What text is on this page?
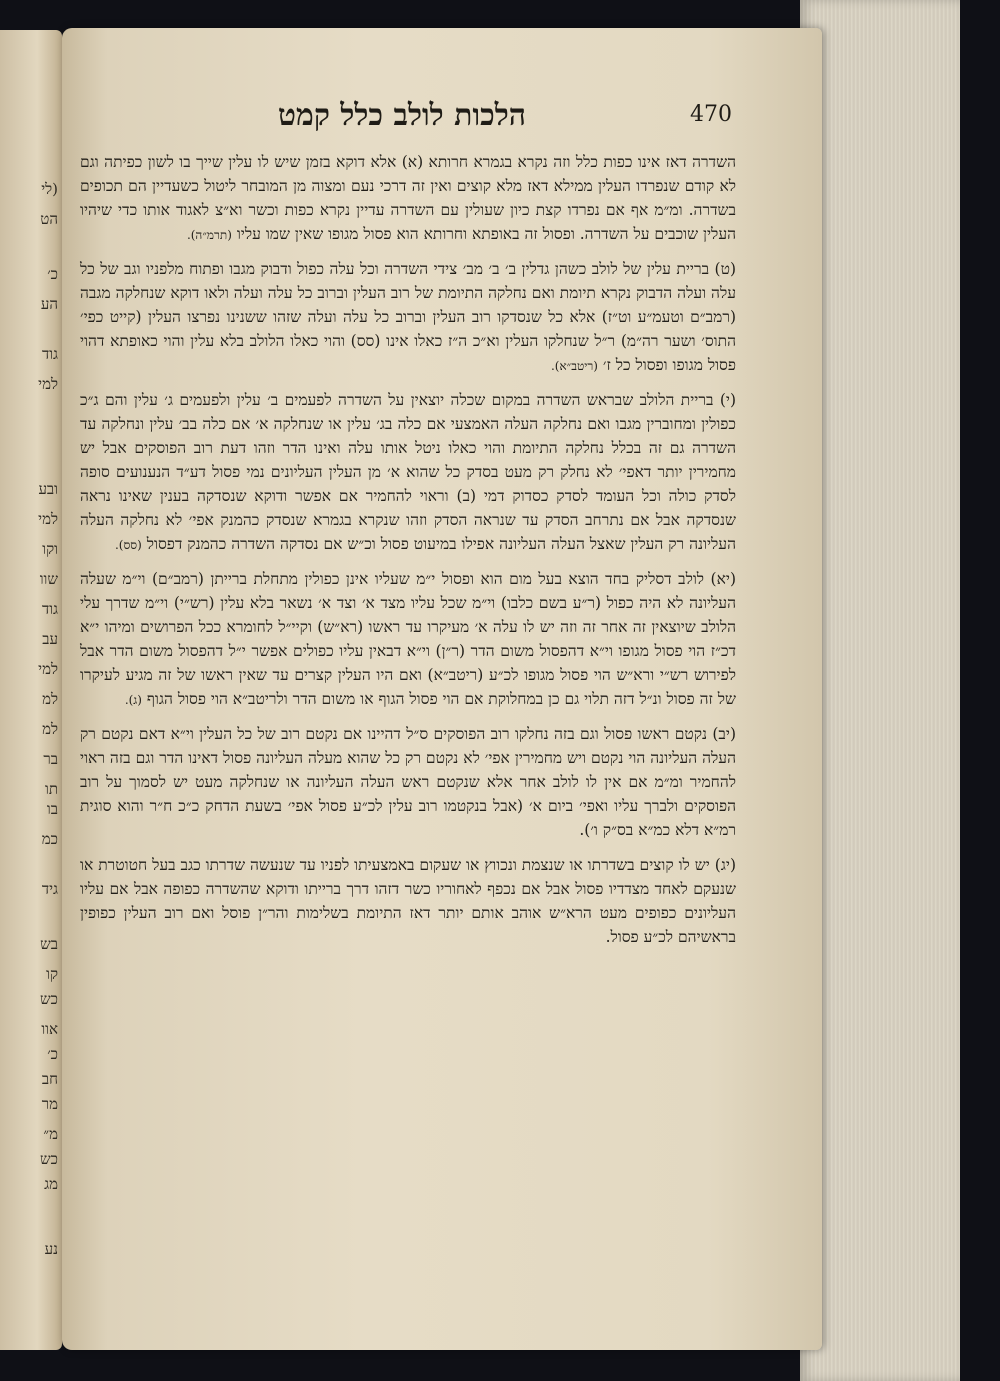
(לי
הט
כ׳
הע
גוד
למי
ובע
למי
וקו
שוו
גוד
עב
למי
למ
למ
בר
תו
בו
כמ
גיד
בש
קו
כש
אוו
כ׳
חב
מר
מ״
כש
מג
נע
הלכות לולב כלל קמט	470

השדרה דאז אינו כפות כלל וזה נקרא בגמרא חרותא (א) אלא דוקא בזמן שיש לו עלין שייך בו לשון כפיתה וגם לא קודם שנפרדו העלין ממילא דאז מלא קוצים ואין זה דרכי נעם ומצוה מן המובחר ליטול כשעדיין הם תכופים בשדרה. ומ״מ אף אם נפרדו קצת כיון שעולין עם השדרה עדיין נקרא כפות וכשר וא״צ לאגוד אותו כדי שיהיו העלין שוכבים על השדרה. ופסול זה באופתא וחרותא הוא פסול מגופו שאין שמו עליו (תרמ״ה).

(ט) בריית עלין של לולב כשהן גדלין ב׳ ב׳ מב׳ צידי השדרה וכל עלה כפול ודבוק מגבו ופתוח מלפניו וגב של כל עלה ועלה הדבוק נקרא תיומת ואם נחלקה התיומת של רוב העלין וברוב כל עלה ועלה ולאו דוקא שנחלקה מגבה (רמב״ם וטעמ״ע וט״ז) אלא כל שנסדקו רוב העלין וברוב כל עלה ועלה שזהו ששנינו נפרצו העלין (קייט כפי׳ התוס׳ ושער רה״מ) ר״ל שנחלקו העלין וא״כ ה״ז כאלו אינו (סס) והוי כאלו הלולב בלא עלין והוי כאופתא דהוי פסול מגופו ופסול כל ז׳ (ריטב״א).

(י) בריית הלולב שבראש השדרה במקום שכלה יוצאין על השדרה לפעמים ב׳ עלין ולפעמים ג׳ עלין והם ג״כ כפולין ומחוברין מגבו ואם נחלקה העלה האמצעי אם כלה בג׳ עלין או שנחלקה א׳ אם כלה בב׳ עלין ונחלקה עד השדרה גם זה בכלל נחלקה התיומת והוי כאלו ניטל אותו עלה ואינו הדר וזהו דעת רוב הפוסקים אבל יש מחמירין יותר דאפי׳ לא נחלק רק מעט בסדק כל שהוא א׳ מן העלין העליונים נמי פסול דע״ד הנענועים סופה לסדק כולה וכל העומד לסדק כסדוק דמי (ב) וראוי להחמיר אם אפשר ודוקא שנסדקה בענין שאינו נראה שנסדקה אבל אם נתרחב הסדק עד שנראה הסדק וזהו שנקרא בגמרא שנסדק כהמנק אפי׳ לא נחלקה העלה העליונה רק העלין שאצל העלה העליונה אפילו במיעוט פסול וכ״ש אם נסדקה השדרה כהמנק דפסול (סס).

(יא) לולב דסליק בחד הוצא בעל מום הוא ופסול י״מ שעליו אינן כפולין מתחלת ברייתן (רמב״ם) וי״מ שעלה העליונה לא היה כפול (ר״ע בשם כלבו) וי״מ שכל עליו מצד א׳ וצד א׳ נשאר בלא עלין (רש״י) וי״מ שדרך עלי הלולב שיוצאין זה אחר זה וזה יש לו עלה א׳ מעיקרו עד ראשו (רא״ש) וקיי״ל לחומרא ככל הפרושים ומיהו י״א דכ״ז הוי פסול מגופו וי״א דהפסול משום הדר (ר״ן) וי״א דבאין עליו כפולים אפשר י״ל דהפסול משום הדר אבל לפירוש רש״י ורא״ש הוי פסול מגופו לכ״ע (ריטב״א) ואם היו העלין קצרים עד שאין ראשו של זה מגיע לעיקרו של זה פסול ונ״ל דזה תלוי גם כן במחלוקת אם הוי פסול הגוף או משום הדר ולריטב״א הוי פסול הגוף (ג).

(יב) נקטם ראשו פסול וגם בזה נחלקו רוב הפוסקים ס״ל דהיינו אם נקטם רוב של כל העלין וי״א דאם נקטם רק העלה העליונה הוי נקטם ויש מחמירין אפי׳ לא נקטם רק כל שהוא מעלה העליונה פסול דאינו הדר וגם בזה ראוי להחמיר ומ״מ אם אין לו לולב אחר אלא שנקטם ראש העלה העליונה או שנחלקה מעט יש לסמוך על רוב הפוסקים ולברך עליו ואפי׳ ביום א׳ (אבל בנקטמו רוב עלין לכ״ע פסול אפי׳ בשעת הדחק כ״כ ח״ר והוא סוגית רמ״א דלא כמ״א בס״ק ו׳).

(יג) יש לו קוצים בשדרתו או שנצמת ונכווץ או שעקום באמצעיתו לפניו עד שנעשה שדרתו כגב בעל חטוטרת או שנעקם לאחד מצדדיו פסול אבל אם נכפף לאחוריו כשר דזהו דרך ברייתו ודוקא שהשדרה כפופה אבל אם עליו העליונים כפופים מעט הרא״ש אוהב אותם יותר דאז התיומת בשלימות והר״ן פוסל ואם רוב העלין כפופין בראשיהם לכ״ע פסול.
